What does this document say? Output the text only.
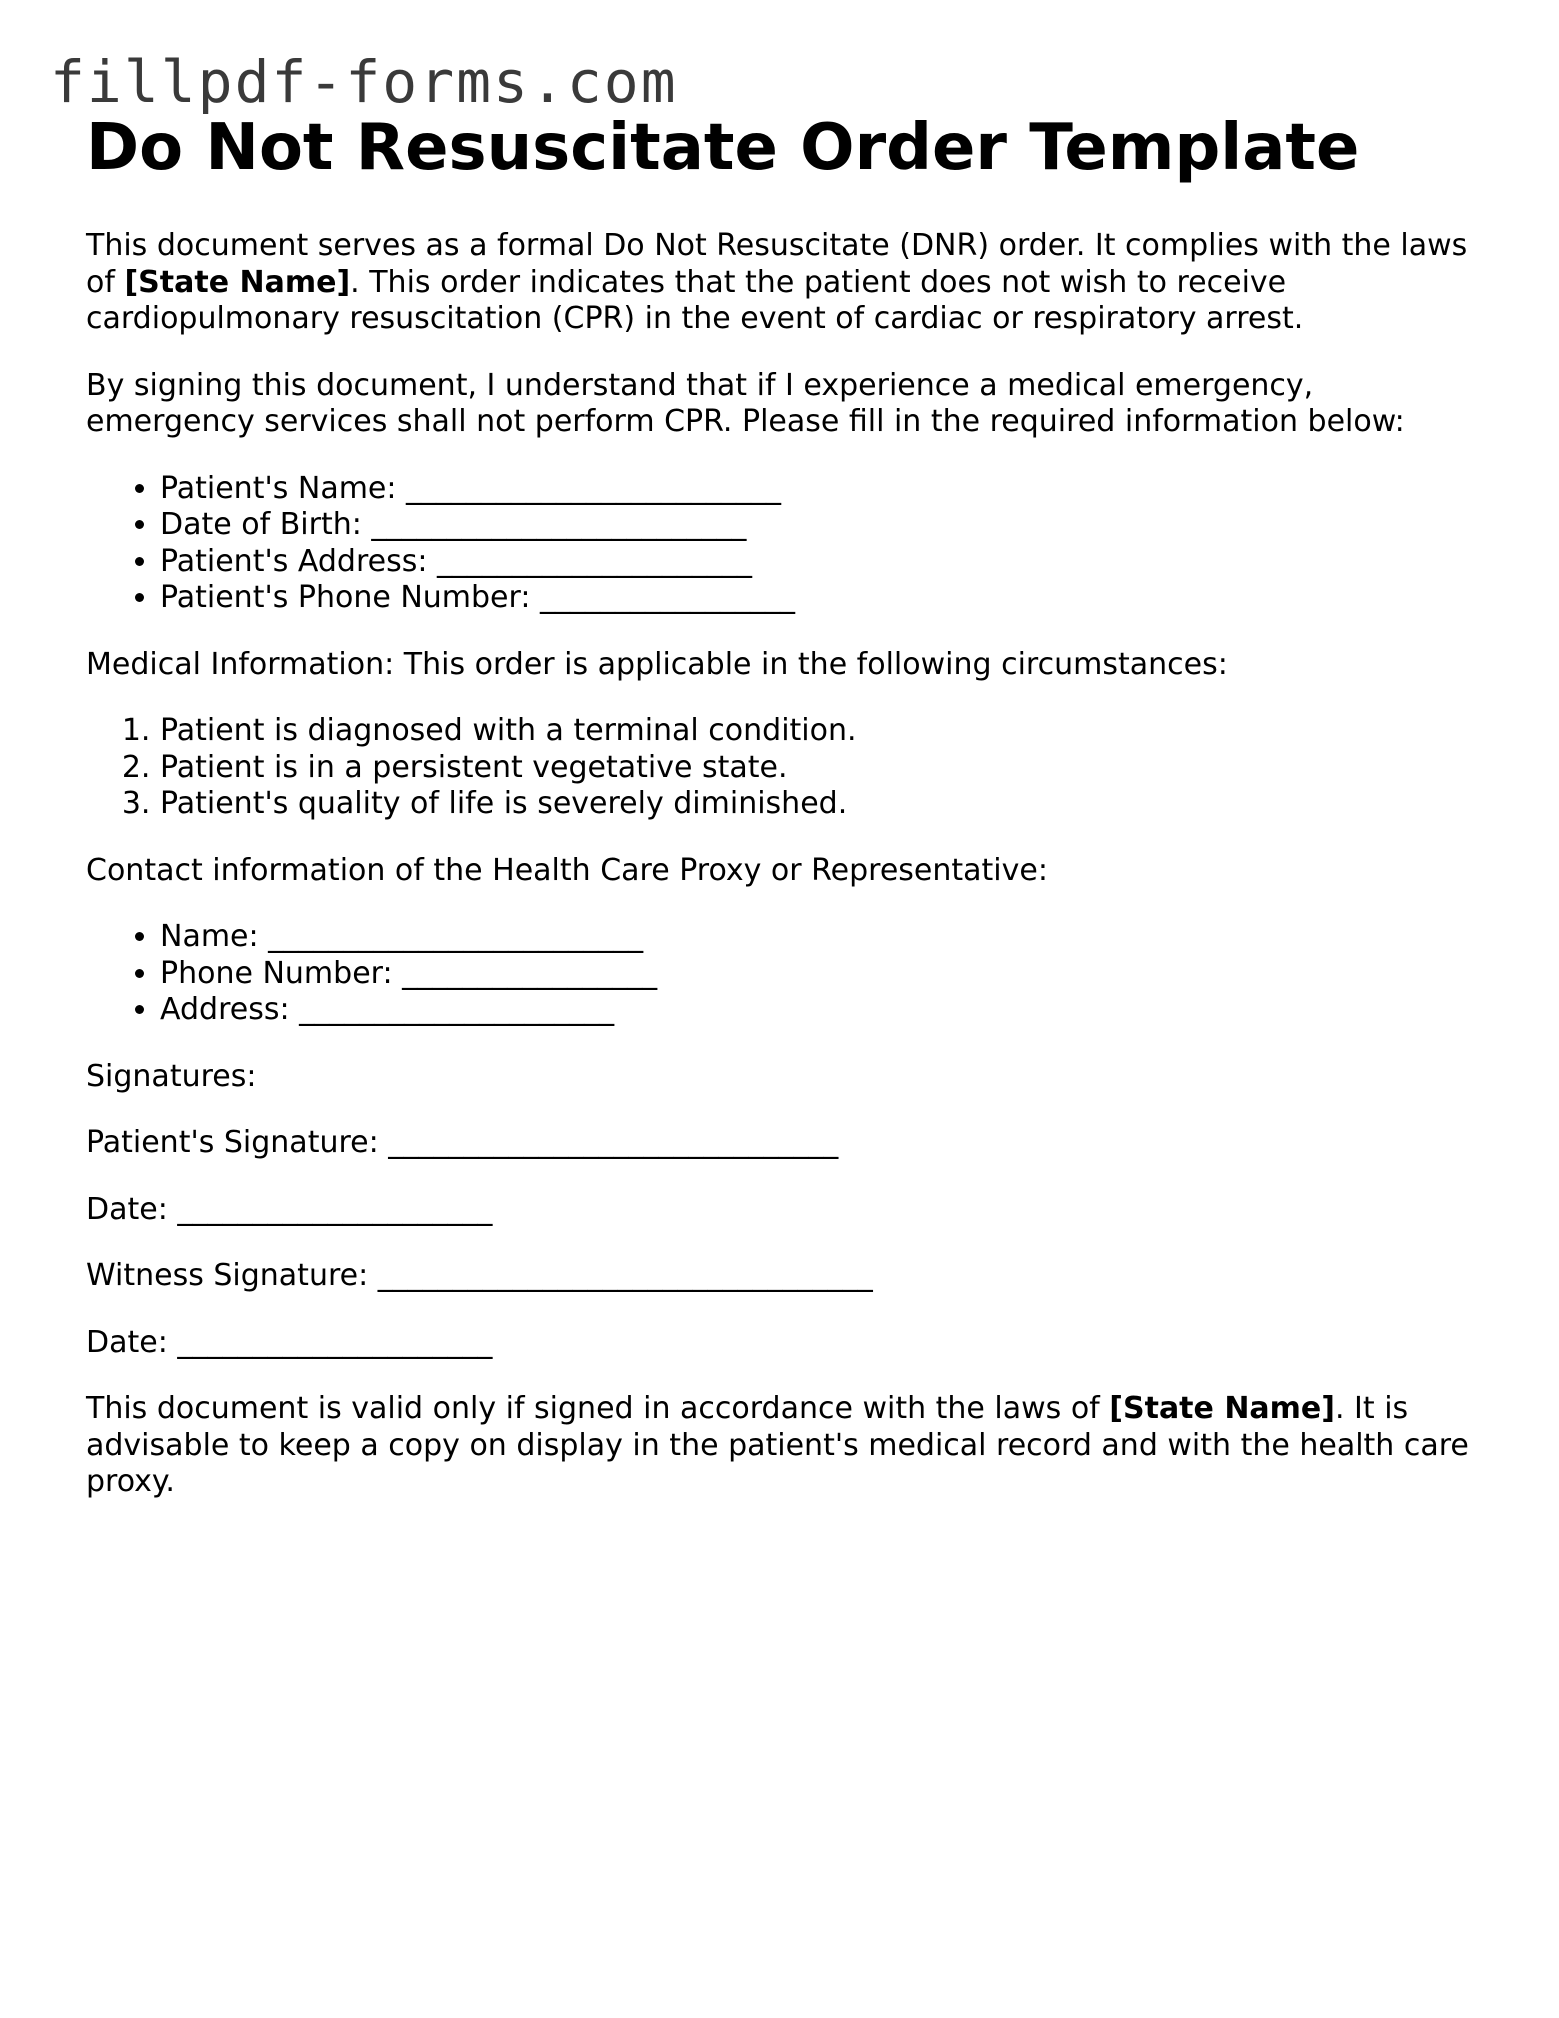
fillpdf-forms.com
Do Not Resuscitate Order Template

This document serves as a formal Do Not Resuscitate (DNR) order. It complies with the laws of [State Name]. This order indicates that the patient does not wish to receive cardiopulmonary resuscitation (CPR) in the event of cardiac or respiratory arrest.

By signing this document, I understand that if I experience a medical emergency, emergency services shall not perform CPR. Please fill in the required information below:

• Patient's Name: _________________________
• Date of Birth: _________________________
• Patient's Address: _____________________
• Patient's Phone Number: _________________

Medical Information: This order is applicable in the following circumstances:

1. Patient is diagnosed with a terminal condition.
2. Patient is in a persistent vegetative state.
3. Patient's quality of life is severely diminished.

Contact information of the Health Care Proxy or Representative:

• Name: _________________________
• Phone Number: _________________
• Address: _____________________

Signatures:

Patient's Signature: ______________________________

Date: _____________________

Witness Signature: _________________________________

Date: _____________________

This document is valid only if signed in accordance with the laws of [State Name]. It is advisable to keep a copy on display in the patient's medical record and with the health care proxy.
